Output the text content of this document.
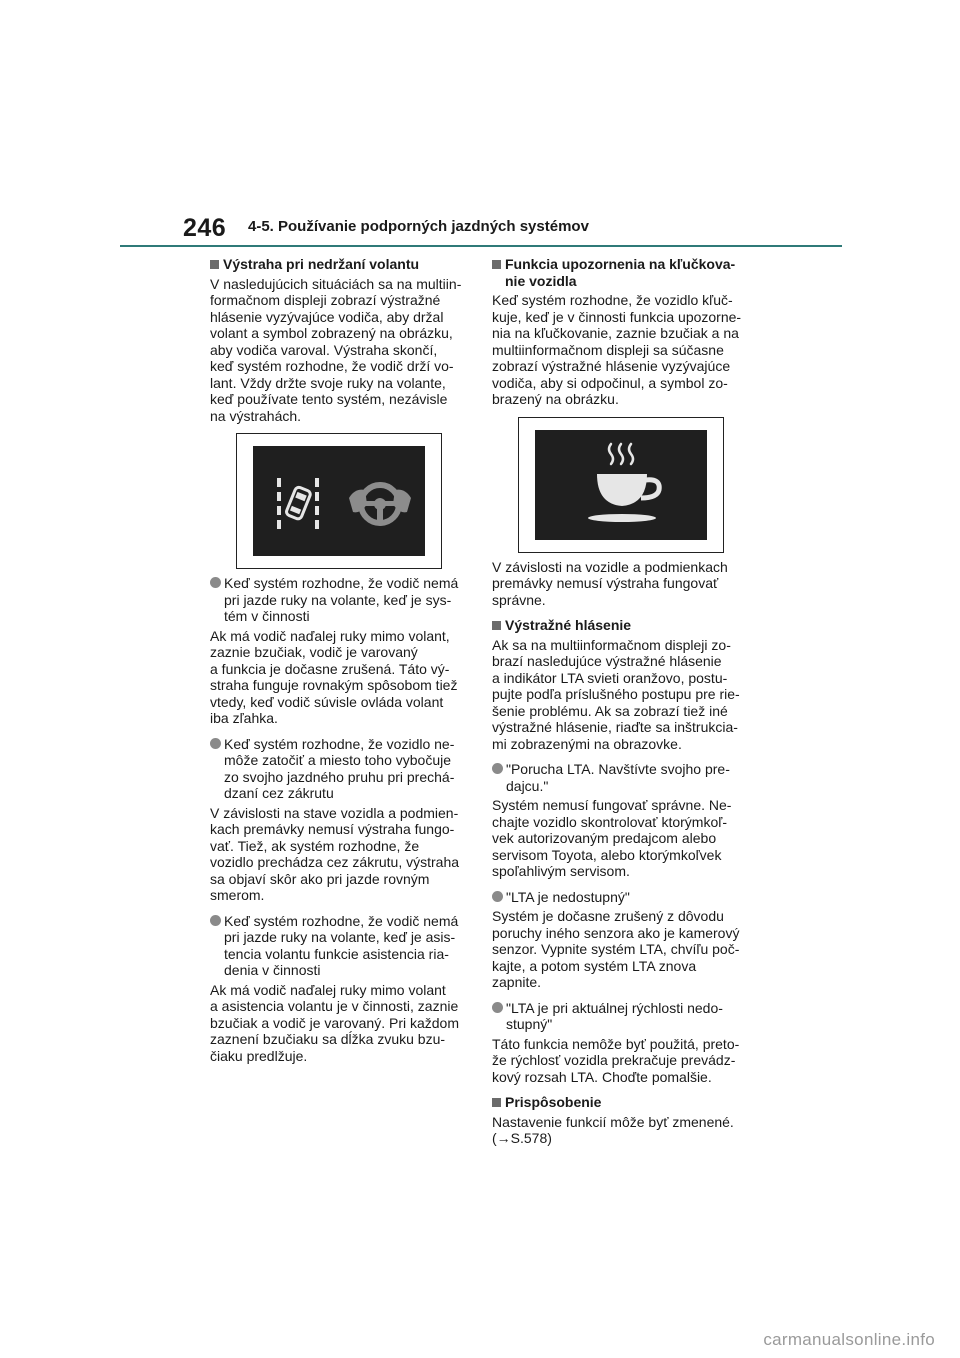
246 4-5. Používanie podporných jazdných systémov
Výstraha pri nedržaní volantu
V nasledujúcich situáciách sa na multiin-
formačnom displeji zobrazí výstražné
hlásenie vyzývajúce vodiča, aby držal
volant a symbol zobrazený na obrázku,
aby vodiča varoval. Výstraha skončí,
keď systém rozhodne, že vodič drží vo-
lant. Vždy držte svoje ruky na volante,
keď používate tento systém, nezávisle
na výstrahách.
Keď systém rozhodne, že vodič nemá
pri jazde ruky na volante, keď je sys-
tém v činnosti
Ak má vodič naďalej ruky mimo volant,
zaznie bzučiak, vodič je varovaný
a funkcia je dočasne zrušená. Táto vý-
straha funguje rovnakým spôsobom tiež
vtedy, keď vodič súvisle ovláda volant
iba zľahka.
Keď systém rozhodne, že vozidlo ne-
môže zatočiť a miesto toho vybočuje
zo svojho jazdného pruhu pri prechá-
dzaní cez zákrutu
V závislosti na stave vozidla a podmien-
kach premávky nemusí výstraha fungo-
vať. Tiež, ak systém rozhodne, že
vozidlo prechádza cez zákrutu, výstraha
sa objaví skôr ako pri jazde rovným
smerom.
Keď systém rozhodne, že vodič nemá
pri jazde ruky na volante, keď je asis-
tencia volantu funkcie asistencia ria-
denia v činnosti
Ak má vodič naďalej ruky mimo volant
a asistencia volantu je v činnosti, zaznie
bzučiak a vodič je varovaný. Pri každom
zaznení bzučiaku sa dĺžka zvuku bzu-
čiaku predlžuje.
Funkcia upozornenia na kľučkova-
nie vozidla
Keď systém rozhodne, že vozidlo kľuč-
kuje, keď je v činnosti funkcia upozorne-
nia na kľučkovanie, zaznie bzučiak a na
multiinformačnom displeji sa súčasne
zobrazí výstražné hlásenie vyzývajúce
vodiča, aby si odpočinul, a symbol zo-
brazený na obrázku.
V závislosti na vozidle a podmienkach
premávky nemusí výstraha fungovať
správne.
Výstražné hlásenie
Ak sa na multiinformačnom displeji zo-
brazí nasledujúce výstražné hlásenie
a indikátor LTA svieti oranžovo, postu-
pujte podľa príslušného postupu pre rie-
šenie problému. Ak sa zobrazí tiež iné
výstražné hlásenie, riaďte sa inštrukcia-
mi zobrazenými na obrazovke.
"Porucha LTA. Navštívte svojho pre-
dajcu."
Systém nemusí fungovať správne. Ne-
chajte vozidlo skontrolovať ktorýmkoľ-
vek autorizovaným predajcom alebo
servisom Toyota, alebo ktorýmkoľvek
spoľahlivým servisom.
"LTA je nedostupný"
Systém je dočasne zrušený z dôvodu
poruchy iného senzora ako je kamerový
senzor. Vypnite systém LTA, chvíľu poč-
kajte, a potom systém LTA znova zapnite.
"LTA je pri aktuálnej rýchlosti nedo-
stupný"
Táto funkcia nemôže byť použitá, preto-
že rýchlosť vozidla prekračuje prevádz-
kový rozsah LTA. Choďte pomalšie.
Prispôsobenie
Nastavenie funkcií môže byť zmenené.
(→S.578)
carmanualsonline.info
